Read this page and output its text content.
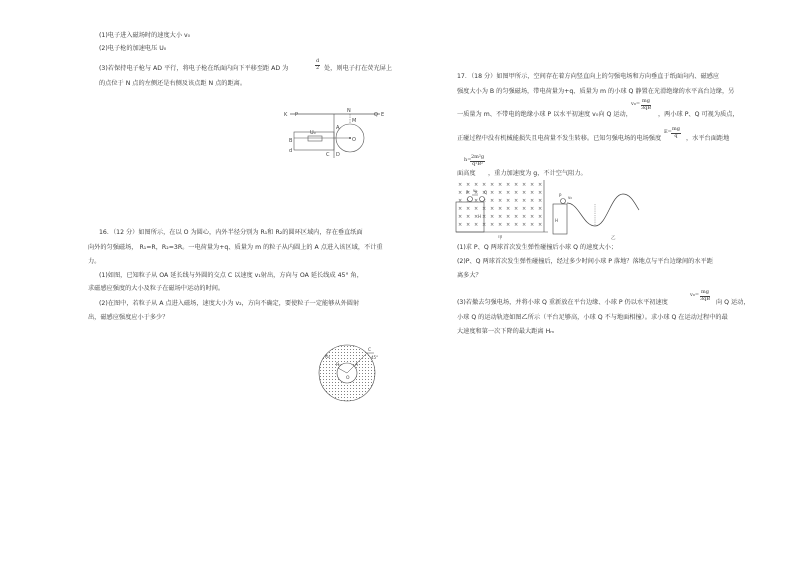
(1)电子进入磁场时的速度大小 v₀
(2)电子枪的加速电压 U₀
(3)若保持电子枪与 AD 平行，将电子枪在纸面内向下平移至距 AD 为	$\frac{d}{2}$ 处，则电子打在荧光屏上
的点位于 N 点的左侧还是右侧及该点距 N 点的距离。
K P
N
Q E
A
B
U₀
d
M
O
D
C
16．（12 分）如图所示，在以 O 为圆心，内外半径分别为 R₁和 R₂的圆环区域内，存在垂直纸面
向外的匀强磁场， R₁=R，R₂=3R。一电荷量为+q、质量为 m 的粒子从内圆上的 A 点进入该区域，不计重
力。
(1)如图，已知粒子从 OA 延长线与外圆的交点 C 以速度 v₁射出，方向与 OA 延长线成 45° 角，
求磁感应强度的大小及粒子在磁场中运动的时间。
(2)在图中，若粒子从 A 点进入磁场，速度大小为 v₂，方向不确定，要使粒子一定能够从外圆射
出，磁感应强度应小于多少？
R₁
R₂
O
A
C
45°
17．（18 分）如图甲所示，空间存在着方向竖直向上的匀强电场和方向垂直于纸面向内、磁感应
强度大小为 B 的匀强磁场，带电荷量为+q、质量为 m 的小球 Q 静置在光滑绝缘的水平高台边缘，另
一质量为 m、不带电的绝缘小球 P 以水平初速度 v₀向 Q 运动，
v₀= mg
3qB
，两小球 P、Q 可视为质点，
正碰过程中没有机械能损失且电荷量不发生转移。已知匀强电场的电场强度
E= mg
q	，水平台面距地
面高度
h= 2m²g
q²B²
，重力加速度为 g，不计空气阻力。
P	Q
v₀
H
甲
P v₀
H
乙
(1)求 P、Q 两球首次发生弹性碰撞后小球 Q 的速度大小；
(2)P、Q 两球首次发生弹性碰撞后，经过多少时间小球 P 落地？落地点与平台边缘间的水平距
离多大？
(3)若撤去匀强电场，并将小球 Q 重新放在平台边缘、小球 P 仍以水平初速度
v₀= mg
3qB
向 Q 运动，
小球 Q 的运动轨迹如图乙所示（平台足够高，小球 Q 不与地面相撞）。求小球 Q 在运动过程中的最
大速度和第一次下降的最大距离 Hₘ
